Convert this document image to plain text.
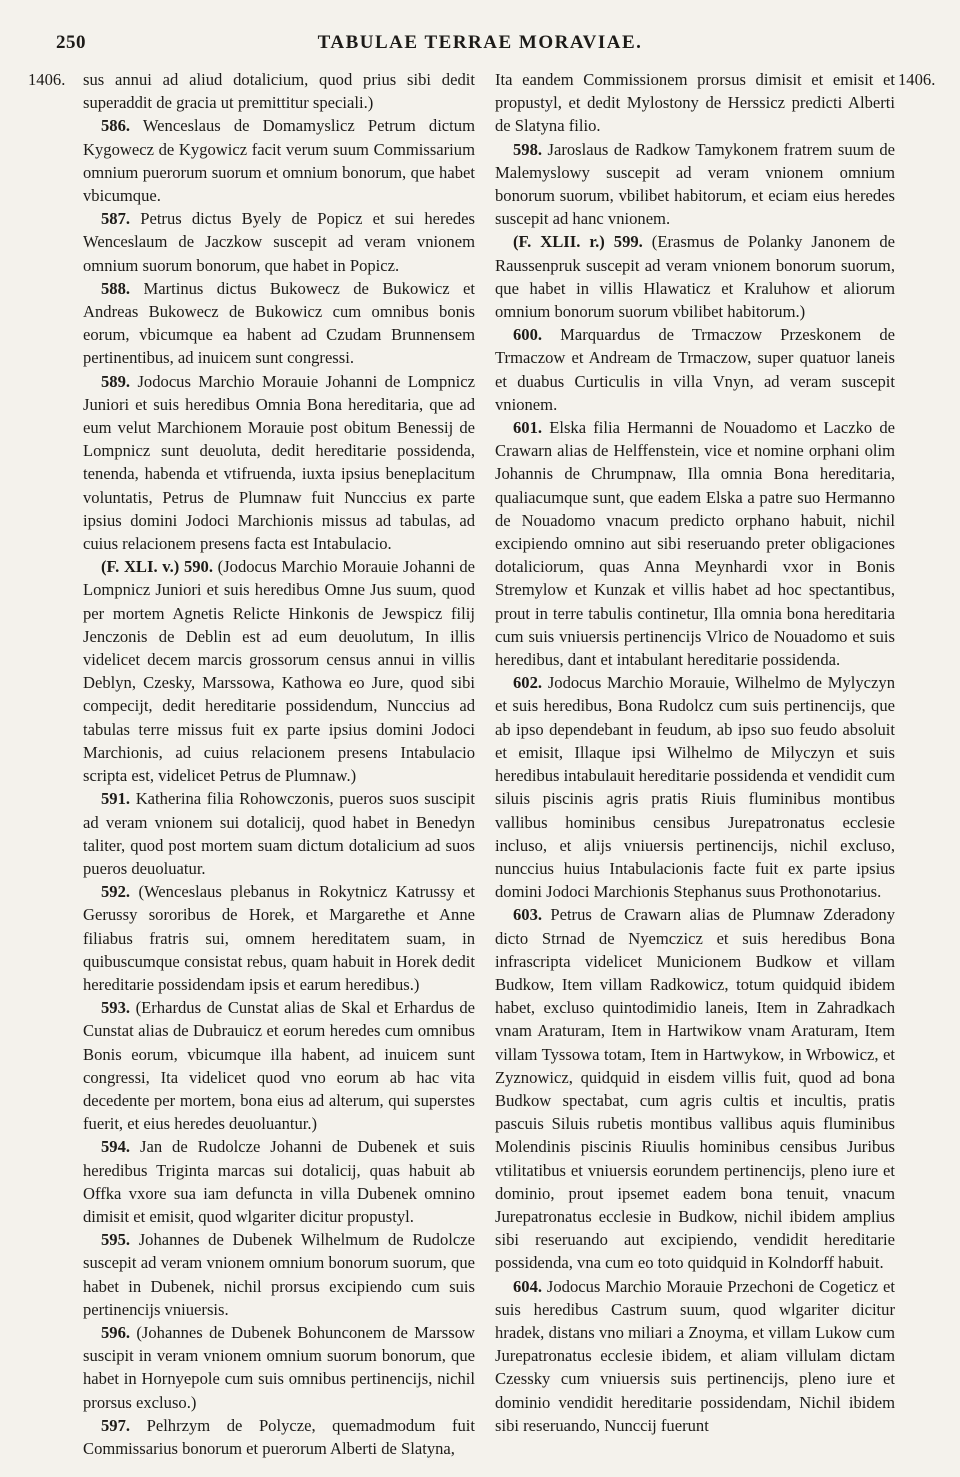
250	TABULAE TERRAE MORAVIAE.
1406.	1406.

sus annui ad aliud dotalicium, quod prius sibi dedit superaddit de gracia ut premittitur speciali.)

586. Wenceslaus de Domamyslicz Petrum dictum Kygowecz de Kygowicz facit verum suum Commissarium omnium puerorum suorum et omnium bonorum, que habet vbicumque.

587. Petrus dictus Byely de Popicz et sui heredes Wenceslaum de Jaczkow suscepit ad veram vnionem omnium suorum bonorum, que habet in Popicz.

588. Martinus dictus Bukowecz de Bukowicz et Andreas Bukowecz de Bukowicz cum omnibus bonis eorum, vbicumque ea habent ad Czudam Brunnensem pertinentibus, ad inuicem sunt congressi.

589. Jodocus Marchio Morauie Johanni de Lompnicz Juniori et suis heredibus Omnia Bona hereditaria, que ad eum velut Marchionem Morauie post obitum Benessij de Lompnicz sunt deuoluta, dedit hereditarie possidenda, tenenda, habenda et vtifruenda, iuxta ipsius beneplacitum voluntatis, Petrus de Plumnaw fuit Nunccius ex parte ipsius domini Jodoci Marchionis missus ad tabulas, ad cuius relacionem presens facta est Intabulacio.

(F. XLI. v.) 590. (Jodocus Marchio Morauie Johanni de Lompnicz Juniori et suis heredibus Omne Jus suum, quod per mortem Agnetis Relicte Hinkonis de Jewspicz filij Jenczonis de Deblin est ad eum deuolutum, In illis videlicet decem marcis grossorum census annui in villis Deblyn, Czesky, Marssowa, Kathowa eo Jure, quod sibi compecijt, dedit hereditarie possidendum, Nunccius ad tabulas terre missus fuit ex parte ipsius domini Jodoci Marchionis, ad cuius relacionem presens Intabulacio scripta est, videlicet Petrus de Plumnaw.)

591. Katherina filia Rohowczonis, pueros suos suscipit ad veram vnionem sui dotalicij, quod habet in Benedyn taliter, quod post mortem suam dictum dotalicium ad suos pueros deuoluatur.

592. (Wenceslaus plebanus in Rokytnicz Katrussy et Gerussy sororibus de Horek, et Margarethe et Anne filiabus fratris sui, omnem hereditatem suam, in quibuscumque consistat rebus, quam habuit in Horek dedit hereditarie possidendam ipsis et earum heredibus.)

593. (Erhardus de Cunstat alias de Skal et Erhardus de Cunstat alias de Dubrauicz et eorum heredes cum omnibus Bonis eorum, vbicumque illa habent, ad inuicem sunt congressi, Ita videlicet quod vno eorum ab hac vita decedente per mortem, bona eius ad alterum, qui superstes fuerit, et eius heredes deuoluantur.)

594. Jan de Rudolcze Johanni de Dubenek et suis heredibus Triginta marcas sui dotalicij, quas habuit ab Offka vxore sua iam defuncta in villa Dubenek omnino dimisit et emisit, quod wlgariter dicitur propustyl.

595. Johannes de Dubenek Wilhelmum de Rudolcze suscepit ad veram vnionem omnium bonorum suorum, que habet in Dubenek, nichil prorsus excipiendo cum suis pertinencijs vniuersis.

596. (Johannes de Dubenek Bohunconem de Marssow suscipit in veram vnionem omnium suorum bonorum, que habet in Hornyepole cum suis omnibus pertinencijs, nichil prorsus excluso.)

597. Pelhrzym de Polycze, quemadmodum fuit Commissarius bonorum et puerorum Alberti de Slatyna,

Ita eandem Commissionem prorsus dimisit et emisit et propustyl, et dedit Mylostony de Herssicz predicti Alberti de Slatyna filio.

598. Jaroslaus de Radkow Tamykonem fratrem suum de Malemyslowy suscepit ad veram vnionem omnium bonorum suorum, vbilibet habitorum, et eciam eius heredes suscepit ad hanc vnionem.

(F. XLII. r.) 599. (Erasmus de Polanky Janonem de Raussenpruk suscepit ad veram vnionem bonorum suorum, que habet in villis Hlawaticz et Kraluhow et aliorum omnium bonorum suorum vbilibet habitorum.)

600. Marquardus de Trmaczow Przeskonem de Trmaczow et Andream de Trmaczow, super quatuor laneis et duabus Curticulis in villa Vnyn, ad veram suscepit vnionem.

601. Elska filia Hermanni de Nouadomo et Laczko de Crawarn alias de Helffenstein, vice et nomine orphani olim Johannis de Chrumpnaw, Illa omnia Bona hereditaria, qualiacumque sunt, que eadem Elska a patre suo Hermanno de Nouadomo vnacum predicto orphano habuit, nichil excipiendo omnino aut sibi reseruando preter obligaciones dotaliciorum, quas Anna Meynhardi vxor in Bonis Stremylow et Kunzak et villis habet ad hoc spectantibus, prout in terre tabulis continetur, Illa omnia bona hereditaria cum suis vniuersis pertinencijs Vlrico de Nouadomo et suis heredibus, dant et intabulant hereditarie possidenda.

602. Jodocus Marchio Morauie, Wilhelmo de Mylyczyn et suis heredibus, Bona Rudolcz cum suis pertinencijs, que ab ipso dependebant in feudum, ab ipso suo feudo absoluit et emisit, Illaque ipsi Wilhelmo de Milyczyn et suis heredibus intabulauit hereditarie possidenda et vendidit cum siluis piscinis agris pratis Riuis fluminibus montibus vallibus hominibus censibus Jurepatronatus ecclesie incluso, et alijs vniuersis pertinencijs, nichil excluso, nunccius huius Intabulacionis facte fuit ex parte ipsius domini Jodoci Marchionis Stephanus suus Prothonotarius.

603. Petrus de Crawarn alias de Plumnaw Zderadony dicto Strnad de Nyemczicz et suis heredibus Bona infrascripta videlicet Municionem Budkow et villam Budkow, Item villam Radkowicz, totum quidquid ibidem habet, excluso quintodimidio laneis, Item in Zahradkach vnam Araturam, Item in Hartwikow vnam Araturam, Item villam Tyssowa totam, Item in Hartwykow, in Wrbowicz, et Zyznowicz, quidquid in eisdem villis fuit, quod ad bona Budkow spectabat, cum agris cultis et incultis, pratis pascuis Siluis rubetis montibus vallibus aquis fluminibus Molendinis piscinis Riuulis hominibus censibus Juribus vtilitatibus et vniuersis eorundem pertinencijs, pleno iure et dominio, prout ipsemet eadem bona tenuit, vnacum Jurepatronatus ecclesie in Budkow, nichil ibidem amplius sibi reseruando aut excipiendo, vendidit hereditarie possidenda, vna cum eo toto quidquid in Kolndorff habuit.

604. Jodocus Marchio Morauie Przechoni de Cogeticz et suis heredibus Castrum suum, quod wlgariter dicitur hradek, distans vno miliari a Znoyma, et villam Lukow cum Jurepatronatus ecclesie ibidem, et aliam villulam dictam Czessky cum vniuersis suis pertinencijs, pleno iure et dominio vendidit hereditarie possidendam, Nichil ibidem sibi reseruando, Nunccij fuerunt
